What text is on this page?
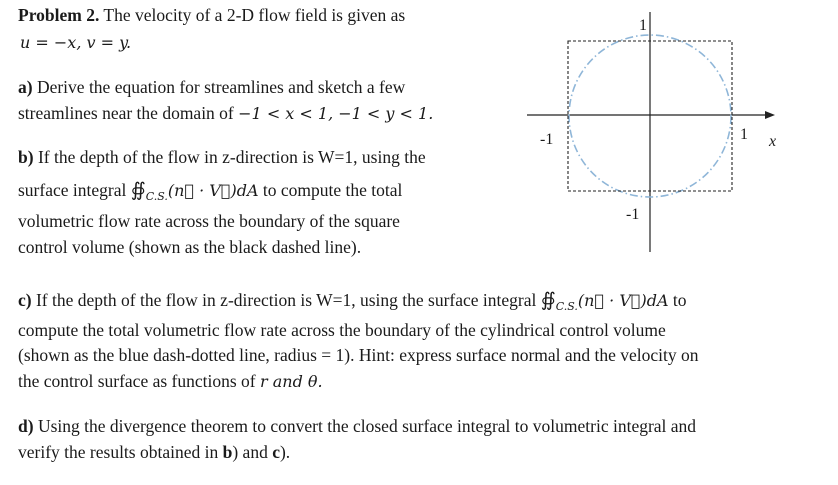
Problem 2. The velocity of a 2-D flow field is given as
u = −x, v = y.
a) Derive the equation for streamlines and sketch a few
streamlines near the domain of −1 < x < 1, −1 < y < 1.
b) If the depth of the flow in z-direction is W=1, using the
surface integral $∯_{C.S.}(n⃗$ · V⃗)dA to compute the total
volumetric flow rate across the boundary of the square
control volume (shown as the black dashed line).
1
-1
-1	1 x
c) If the depth of the flow in z-direction is W=1, using the surface integral $∯_{C.S.}(n⃗$ · V⃗)dA to
compute the total volumetric flow rate across the boundary of the cylindrical control volume
(shown as the blue dash-dotted line, radius = 1). Hint: express surface normal and the velocity on
the control surface as functions of r and θ.
d) Using the divergence theorem to convert the closed surface integral to volumetric integral and
verify the results obtained in b) and c).
